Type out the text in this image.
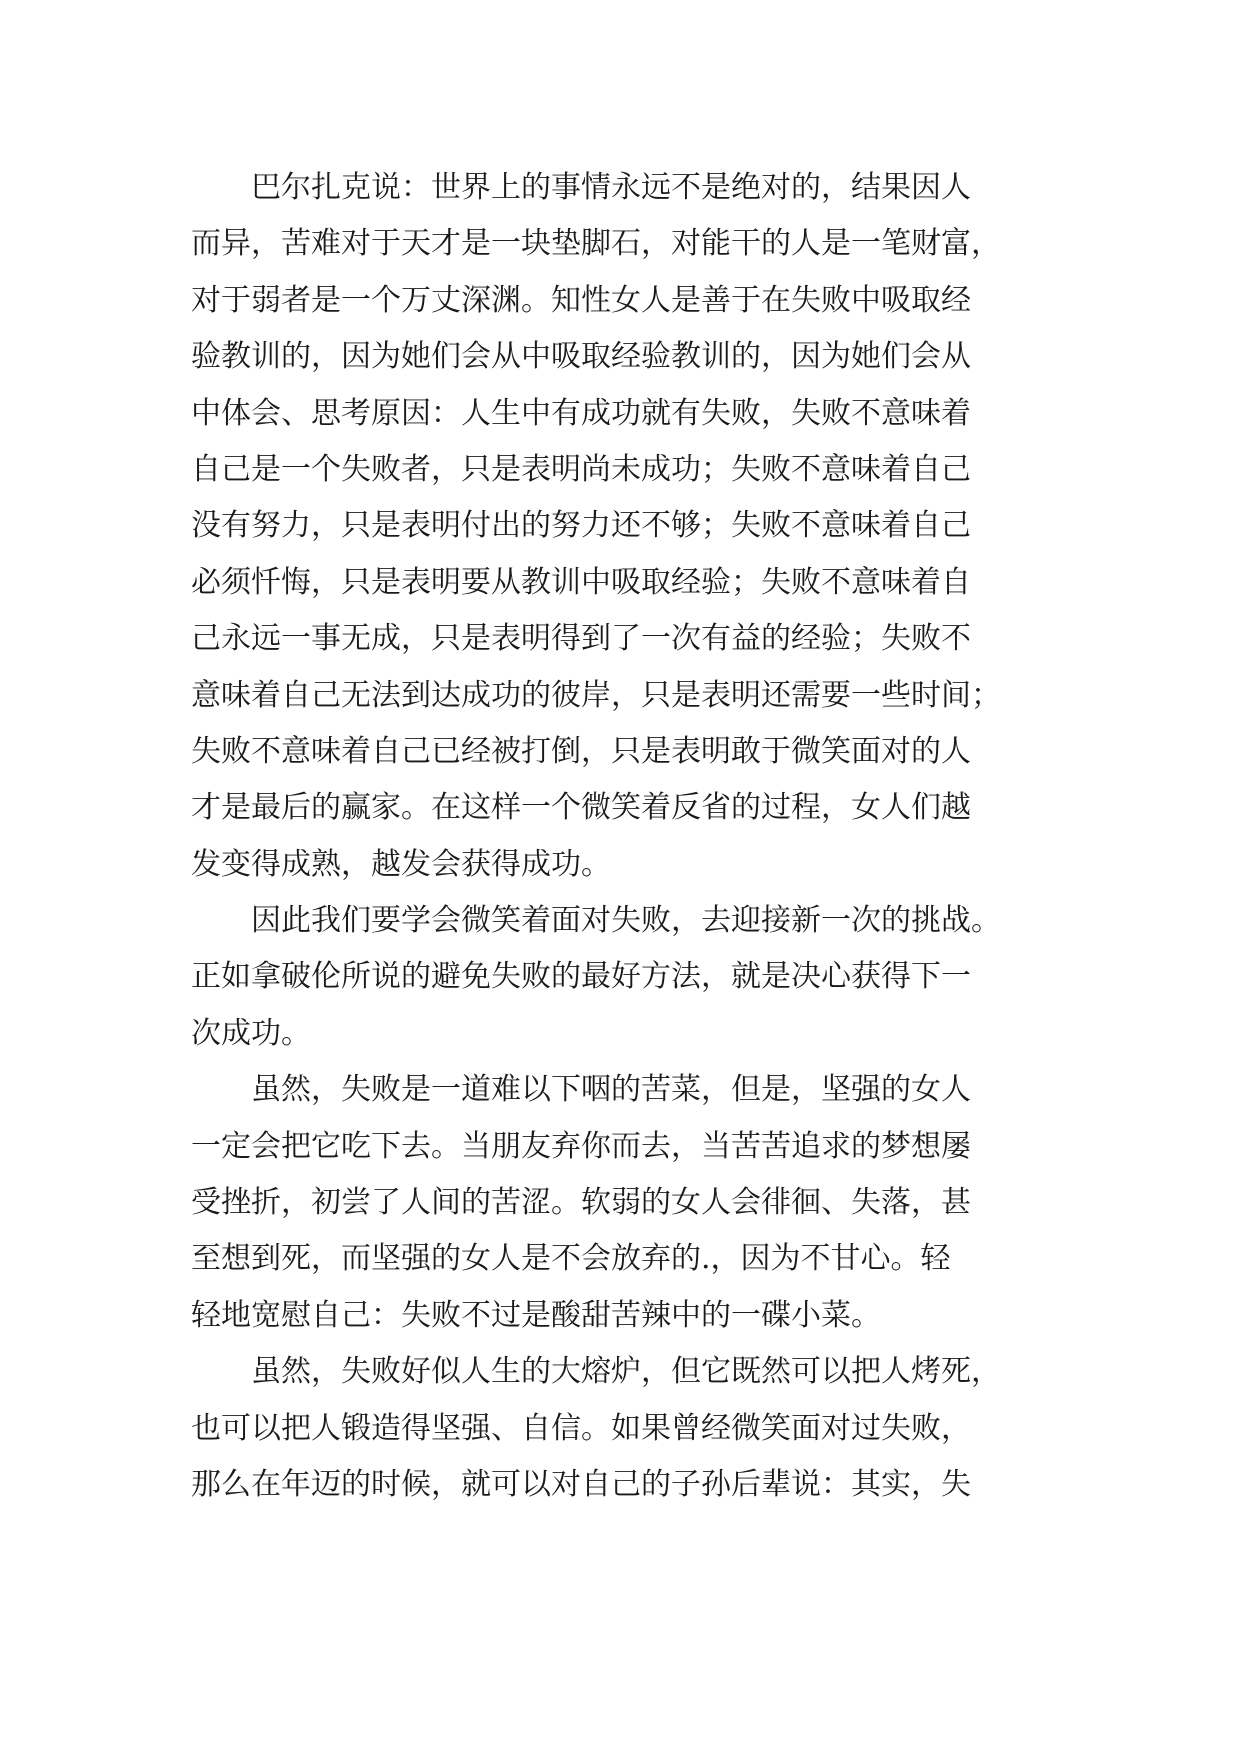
　　巴尔扎克说：世界上的事情永远不是绝对的，结果因人
而异，苦难对于天才是一块垫脚石，对能干的人是一笔财富，
对于弱者是一个万丈深渊。知性女人是善于在失败中吸取经
验教训的，因为她们会从中吸取经验教训的，因为她们会从
中体会、思考原因：人生中有成功就有失败，失败不意味着
自己是一个失败者，只是表明尚未成功；失败不意味着自己
没有努力，只是表明付出的努力还不够；失败不意味着自己
必须忏悔，只是表明要从教训中吸取经验；失败不意味着自
己永远一事无成，只是表明得到了一次有益的经验；失败不
意味着自己无法到达成功的彼岸，只是表明还需要一些时间；
失败不意味着自己已经被打倒，只是表明敢于微笑面对的人
才是最后的赢家。在这样一个微笑着反省的过程，女人们越
发变得成熟，越发会获得成功。
　　因此我们要学会微笑着面对失败，去迎接新一次的挑战。
正如拿破伦所说的避免失败的最好方法，就是决心获得下一
次成功。
　　虽然，失败是一道难以下咽的苦菜，但是，坚强的女人
一定会把它吃下去。当朋友弃你而去，当苦苦追求的梦想屡
受挫折，初尝了人间的苦涩。软弱的女人会徘徊、失落，甚
至想到死，而坚强的女人是不会放弃的.，因为不甘心。轻
轻地宽慰自己：失败不过是酸甜苦辣中的一碟小菜。
　　虽然，失败好似人生的大熔炉，但它既然可以把人烤死，
也可以把人锻造得坚强、自信。如果曾经微笑面对过失败，
那么在年迈的时候，就可以对自己的子孙后辈说：其实，失
